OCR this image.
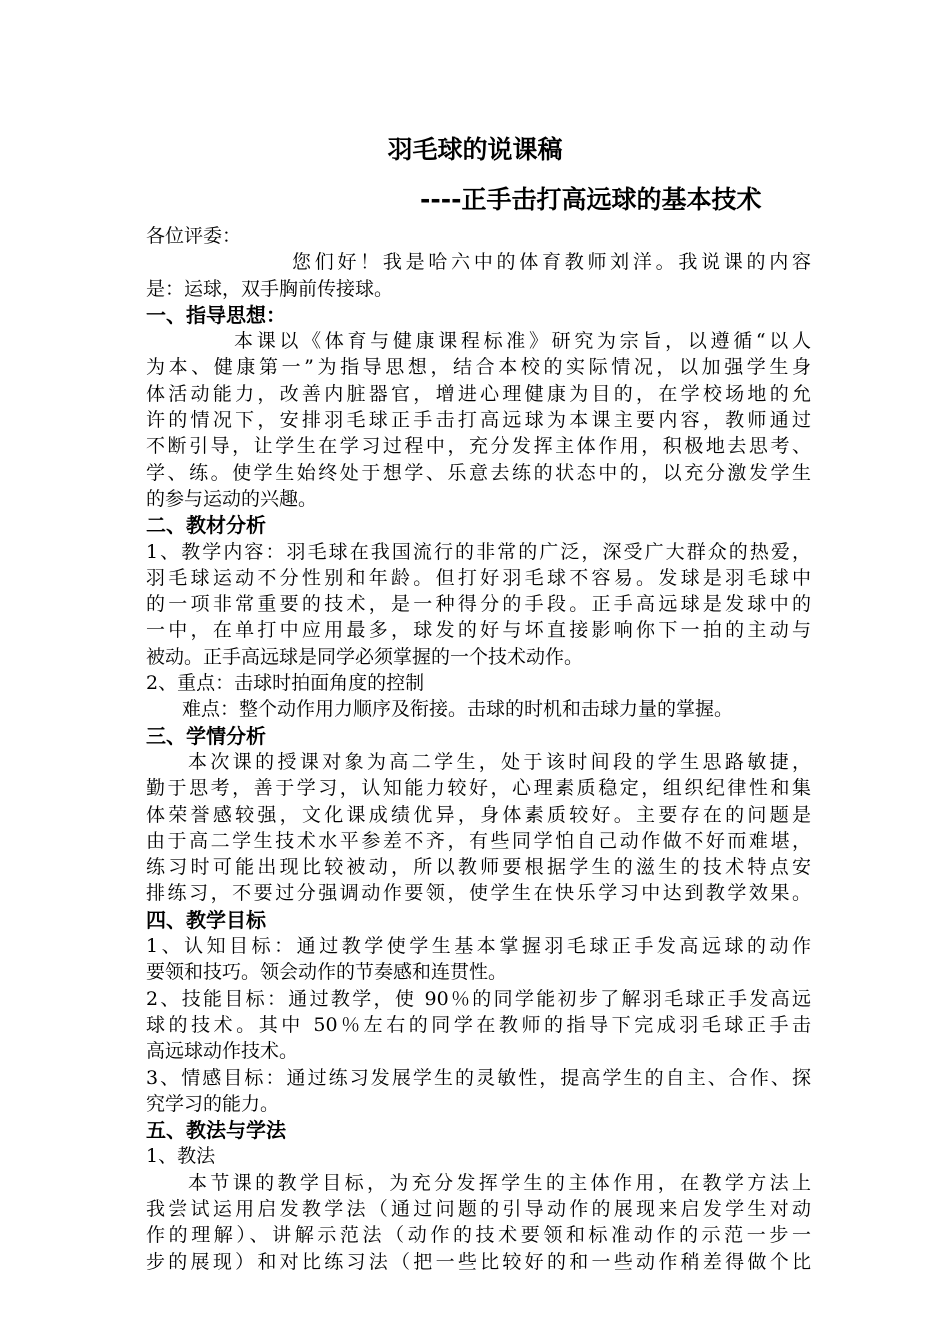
羽毛球的说课稿
----正手击打高远球的基本技术
各位评委：
您们好！我是哈六中的体育教师刘洋。我说课的内容
是：运球，双手胸前传接球。
一、指导思想：
本课以《体育与健康课程标准》研究为宗旨，以遵循“以人
为本、健康第一”为指导思想，结合本校的实际情况，以加强学生身
体活动能力，改善内脏器官，增进心理健康为目的，在学校场地的允
许的情况下，安排羽毛球正手击打高远球为本课主要内容，教师通过
不断引导，让学生在学习过程中，充分发挥主体作用，积极地去思考、
学、练。使学生始终处于想学、乐意去练的状态中的，以充分激发学生
的参与运动的兴趣。
二、教材分析
1、教学内容：羽毛球在我国流行的非常的广泛，深受广大群众的热爱，
羽毛球运动不分性别和年龄。但打好羽毛球不容易。发球是羽毛球中
的一项非常重要的技术，是一种得分的手段。正手高远球是发球中的
一中，在单打中应用最多，球发的好与坏直接影响你下一拍的主动与
被动。正手高远球是同学必须掌握的一个技术动作。
2、重点：击球时拍面角度的控制
难点：整个动作用力顺序及衔接。击球的时机和击球力量的掌握。
三、学情分析
本次课的授课对象为高二学生，处于该时间段的学生思路敏捷，
勤于思考，善于学习，认知能力较好，心理素质稳定，组织纪律性和集
体荣誉感较强，文化课成绩优异，身体素质较好。主要存在的问题是
由于高二学生技术水平参差不齐，有些同学怕自己动作做不好而难堪，
练习时可能出现比较被动，所以教师要根据学生的滋生的技术特点安
排练习，不要过分强调动作要领，使学生在快乐学习中达到教学效果。
四、教学目标
1、认知目标：通过教学使学生基本掌握羽毛球正手发高远球的动作
要领和技巧。领会动作的节奏感和连贯性。
2、技能目标：通过教学，使 90％的同学能初步了解羽毛球正手发高远
球的技术。其中 50％左右的同学在教师的指导下完成羽毛球正手击
高远球动作技术。
3、情感目标：通过练习发展学生的灵敏性，提高学生的自主、合作、探
究学习的能力。
五、教法与学法
1、教法
本节课的教学目标，为充分发挥学生的主体作用，在教学方法上
我尝试运用启发教学法（通过问题的引导动作的展现来启发学生对动
作的理解）、讲解示范法（动作的技术要领和标准动作的示范一步一
步的展现）和对比练习法（把一些比较好的和一些动作稍差得做个比
